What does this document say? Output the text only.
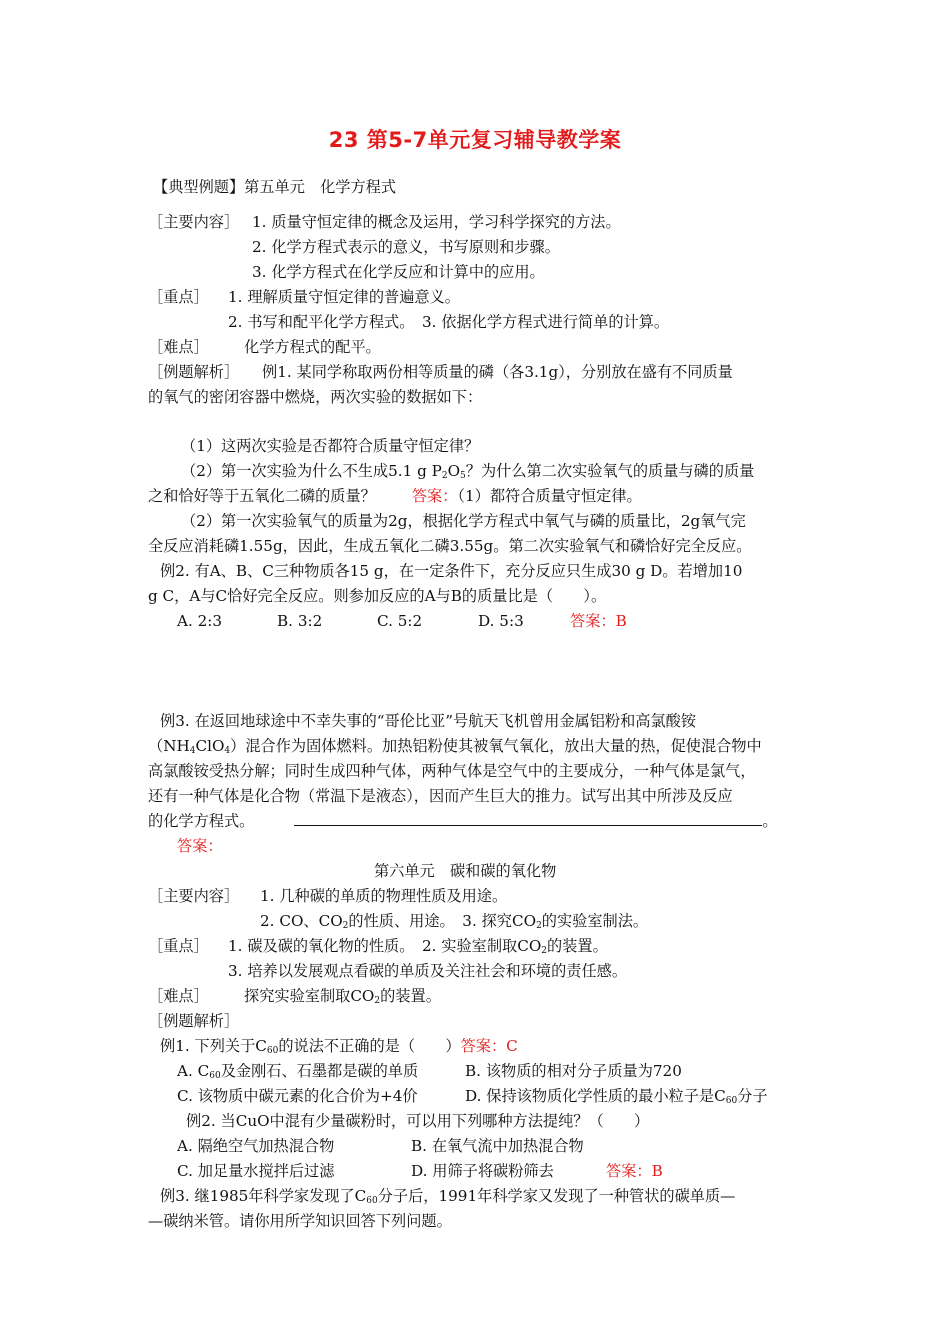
23 第5-7单元复习辅导教学案
【典型例题】第五单元　化学方程式
［主要内容］ 1. 质量守恒定律的概念及运用，学习科学探究的方法。
2. 化学方程式表示的意义，书写原则和步骤。
3. 化学方程式在化学反应和计算中的应用。
［重点］ 1. 理解质量守恒定律的普遍意义。
2. 书写和配平化学方程式。　3. 依据化学方程式进行简单的计算。
［难点］ 化学方程式的配平。
［例题解析］ 例1. 某同学称取两份相等质量的磷（各3.1g），分别放在盛有不同质量
的氧气的密闭容器中燃烧，两次实验的数据如下：
（1）这两次实验是否都符合质量守恒定律？
（2）第一次实验为什么不生成5.1 g $P_2O_5$？为什么第二次实验氧气的质量与磷的质量
之和恰好等于五氧化二磷的质量？ 答案：（1）都符合质量守恒定律。
（2）第一次实验氧气的质量为2g，根据化学方程式中氧气与磷的质量比，2g氧气完
全反应消耗磷1.55g，因此，生成五氧化二磷3.55g。第二次实验氧气和磷恰好完全反应。
例2. 有A、B、C三种物质各15 g，在一定条件下，充分反应只生成30 g D。若增加10
g C，A与C恰好完全反应。则参加反应的A与B的质量比是（　　）。
A. 2:3	B. 3:2	C. 5:2	D. 5:3	答案：B
例3. 在返回地球途中不幸失事的“哥伦比亚”号航天飞机曾用金属铝粉和高氯酸铵
$(NH_4ClO_4)$混合作为固体燃料。加热铝粉使其被氧气氧化，放出大量的热，促使混合物中
高氯酸铵受热分解；同时生成四种气体，两种气体是空气中的主要成分，一种气体是氯气，
还有一种气体是化合物（常温下是液态），因而产生巨大的推力。试写出其中所涉及反应
的化学方程式。	。
答案：
第六单元　碳和碳的氧化物
［主要内容］ 1. 几种碳的单质的物理性质及用途。
2. CO、$CO_2$的性质、用途。　3. 探究$CO_2$的实验室制法。
［重点］ 1. 碳及碳的氧化物的性质。　2. 实验室制取$CO_2$的装置。
3. 培养以发展观点看碳的单质及关注社会和环境的责任感。
［难点］ 探究实验室制取$CO_2$的装置。
［例题解析］
例1. 下列关于$C_{60}$的说法不正确的是（　　）答案：C
A. $C_{60}$及金刚石、石墨都是碳的单质	B. 该物质的相对分子质量为720
C. 该物质中碳元素的化合价为+4价	D. 保持该物质化学性质的最小粒子是$C_{60}$分子
例2. 当CuO中混有少量碳粉时，可以用下列哪种方法提纯？（　　）
A. 隔绝空气加热混合物	B. 在氧气流中加热混合物
C. 加足量水搅拌后过滤	D. 用筛子将碳粉筛去	答案：B
例3. 继1985年科学家发现了$C_{60}$分子后，1991年科学家又发现了一种管状的碳单质—
—碳纳米管。请你用所学知识回答下列问题。
